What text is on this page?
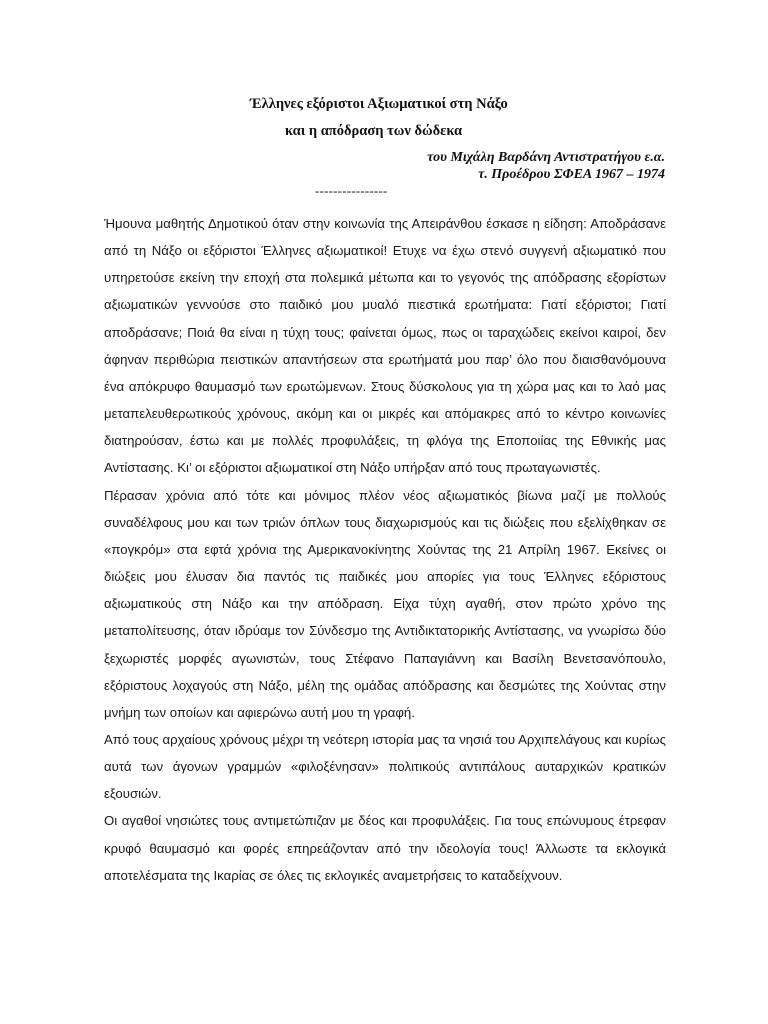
Έλληνες εξόριστοι Αξιωματικοί στη Νάξο
και η απόδραση των δώδεκα
του Μιχάλη Βαρδάνη Αντιστρατήγου ε.α.
τ. Προέδρου ΣΦΕΑ 1967 – 1974
----------------

Ήμουνα μαθητής Δημοτικού όταν στην κοινωνία της Απειράνθου έσκασε η είδηση: Αποδράσανε από τη Νάξο οι εξόριστοι Έλληνες αξιωματικοί! Ετυχε να έχω στενό συγγενή αξιωματικό που υπηρετούσε εκείνη την εποχή στα πολεμικά μέτωπα και το γεγονός της απόδρασης εξορίστων αξιωματικών γεννούσε στο παιδικό μου μυαλό πιεστικά ερωτήματα: Γιατί εξόριστοι; Γιατί αποδράσανε; Ποιά θα είναι η τύχη τους; φαίνεται όμως, πως οι ταραχώδεις εκείνοι καιροί, δεν άφηναν περιθώρια πειστικών απαντήσεων στα ερωτήματά μου παρ’ όλο που διαισθανόμουνα ένα απόκρυφο θαυμασμό των ερωτώμενων. Στους δύσκολους για τη χώρα μας και το λαό μας μεταπελευθερωτικούς χρόνους, ακόμη και οι μικρές και απόμακρες από το κέντρο κοινωνίες διατηρούσαν, έστω και με πολλές προφυλάξεις, τη φλόγα της Εποποιίας της Εθνικής μας Αντίστασης. Κι’ οι εξόριστοι αξιωματικοί στη Νάξο υπήρξαν από τους πρωταγωνιστές.

Πέρασαν χρόνια από τότε και μόνιμος πλέον νέος αξιωματικός βίωνα μαζί με πολλούς συναδέλφους μου και των τριών όπλων τους διαχωρισμούς και τις διώξεις που εξελίχθηκαν σε «πογκρόμ» στα εφτά χρόνια της Αμερικανοκίνητης Χούντας της 21 Απρίλη 1967. Εκείνες οι διώξεις μου έλυσαν δια παντός τις παιδικές μου απορίες για τους Έλληνες εξόριστους αξιωματικούς στη Νάξο και την απόδραση. Είχα τύχη αγαθή, στον πρώτο χρόνο της μεταπολίτευσης, όταν ιδρύαμε τον Σύνδεσμο της Αντιδικτατορικής Αντίστασης, να γνωρίσω δύο ξεχωριστές μορφές αγωνιστών, τους Στέφανο Παπαγιάννη και Βασίλη Βενετσανόπουλο, εξόριστους λοχαγούς στη Νάξο, μέλη της ομάδας απόδρασης και δεσμώτες της Χούντας στην μνήμη των οποίων και αφιερώνω αυτή μου τη γραφή.

Από τους αρχαίους χρόνους μέχρι τη νεότερη ιστορία μας τα νησιά του Αρχιπελάγους και κυρίως αυτά των άγονων γραμμών «φιλοξένησαν» πολιτικούς αντιπάλους αυταρχικών κρατικών εξουσιών.

Οι αγαθοί νησιώτες τους αντιμετώπιζαν με δέος και προφυλάξεις. Για τους επώνυμους έτρεφαν κρυφό θαυμασμό και φορές επηρεάζονταν από την ιδεολογία τους! Άλλωστε τα εκλογικά αποτελέσματα της Ικαρίας σε όλες τις εκλογικές αναμετρήσεις το καταδείχνουν.
